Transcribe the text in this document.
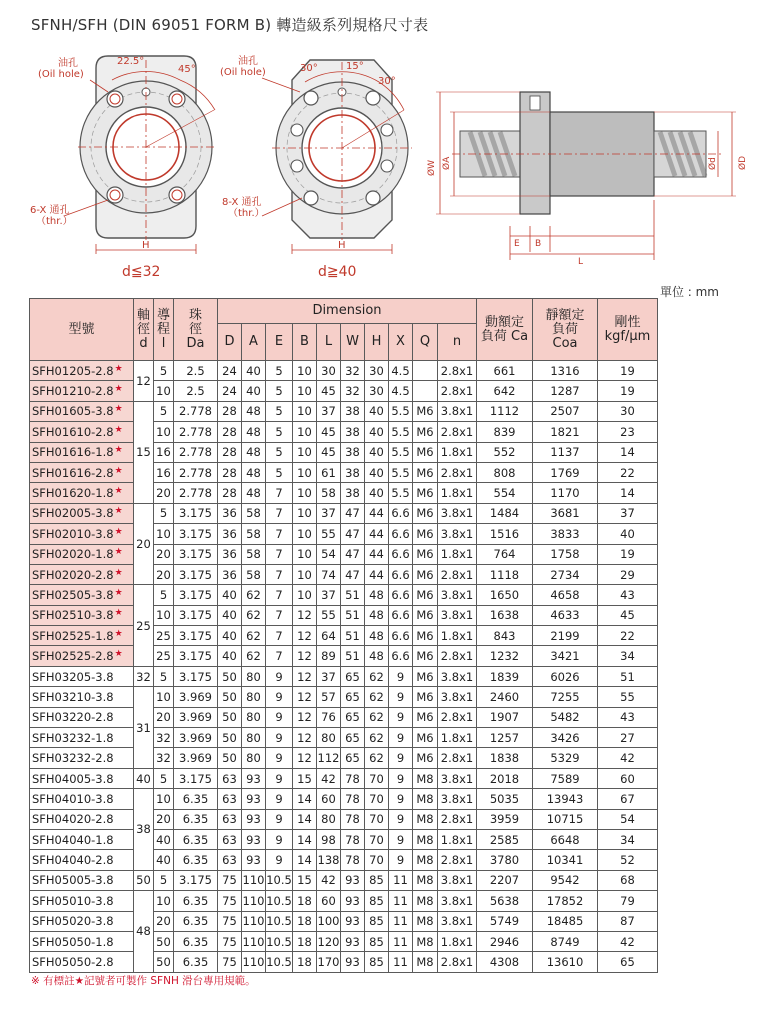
SFNH/SFH (DIN 69051 FORM B) 轉造級系列規格尺寸表
油孔
(Oil hole)
22.5°
45°
6-X 通孔
（thr.）
H
d≦32
油孔
(Oil hole)	30°	15°
30°
8-X 通孔
（thr.）
H
d≧40
ØW ØA	Ød ØD
E B
L
單位 : mm
型號	軸
徑
d	導
程
l	珠
徑
Da	Dimension										動額定
負荷 Ca	靜額定
負荷
Coa	剛性
kgf/μm
				D	A	E	B	L	W	H	X	Q	n			
SFH01205-2.8★	12	5	2.5	24	40	5	10	30	32	30	4.5		2.8x1	661	1316	19
SFH01210-2.8★		10	2.5	24	40	5	10	45	32	30	4.5		2.8x1	642	1287	19
SFH01605-3.8★	15	5	2.778	28	48	5	10	37	38	40	5.5	M6	3.8x1	1112	2507	30
SFH01610-2.8★		10	2.778	28	48	5	10	45	38	40	5.5	M6	2.8x1	839	1821	23
SFH01616-1.8★		16	2.778	28	48	5	10	45	38	40	5.5	M6	1.8x1	552	1137	14
SFH01616-2.8★		16	2.778	28	48	5	10	61	38	40	5.5	M6	2.8x1	808	1769	22
SFH01620-1.8★		20	2.778	28	48	7	10	58	38	40	5.5	M6	1.8x1	554	1170	14
SFH02005-3.8★	20	5	3.175	36	58	7	10	37	47	44	6.6	M6	3.8x1	1484	3681	37
SFH02010-3.8★		10	3.175	36	58	7	10	55	47	44	6.6	M6	3.8x1	1516	3833	40
SFH02020-1.8★		20	3.175	36	58	7	10	54	47	44	6.6	M6	1.8x1	764	1758	19
SFH02020-2.8★		20	3.175	36	58	7	10	74	47	44	6.6	M6	2.8x1	1118	2734	29
SFH02505-3.8★	25	5	3.175	40	62	7	10	37	51	48	6.6	M6	3.8x1	1650	4658	43
SFH02510-3.8★		10	3.175	40	62	7	12	55	51	48	6.6	M6	3.8x1	1638	4633	45
SFH02525-1.8★		25	3.175	40	62	7	12	64	51	48	6.6	M6	1.8x1	843	2199	22
SFH02525-2.8★		25	3.175	40	62	7	12	89	51	48	6.6	M6	2.8x1	1232	3421	34
SFH03205-3.8	32	5	3.175	50	80	9	12	37	65	62	9	M6	3.8x1	1839	6026	51
SFH03210-3.8	31	10	3.969	50	80	9	12	57	65	62	9	M6	3.8x1	2460	7255	55
SFH03220-2.8		20	3.969	50	80	9	12	76	65	62	9	M6	2.8x1	1907	5482	43
SFH03232-1.8		32	3.969	50	80	9	12	80	65	62	9	M6	1.8x1	1257	3426	27
SFH03232-2.8		32	3.969	50	80	9	12	112	65	62	9	M6	2.8x1	1838	5329	42
SFH04005-3.8	40	5	3.175	63	93	9	15	42	78	70	9	M8	3.8x1	2018	7589	60
SFH04010-3.8	38	10	6.35	63	93	9	14	60	78	70	9	M8	3.8x1	5035	13943	67
SFH04020-2.8		20	6.35	63	93	9	14	80	78	70	9	M8	2.8x1	3959	10715	54
SFH04040-1.8		40	6.35	63	93	9	14	98	78	70	9	M8	1.8x1	2585	6648	34
SFH04040-2.8		40	6.35	63	93	9	14	138	78	70	9	M8	2.8x1	3780	10341	52
SFH05005-3.8	50	5	3.175	75	110	10.5	15	42	93	85	11	M8	3.8x1	2207	9542	68
SFH05010-3.8	48	10	6.35	75	110	10.5	18	60	93	85	11	M8	3.8x1	5638	17852	79
SFH05020-3.8		20	6.35	75	110	10.5	18	100	93	85	11	M8	3.8x1	5749	18485	87
SFH05050-1.8		50	6.35	75	110	10.5	18	120	93	85	11	M8	1.8x1	2946	8749	42
SFH05050-2.8		50	6.35	75	110	10.5	18	170	93	85	11	M8	2.8x1	4308	13610	65
※ 有標註★記號者可製作 SFNH 滑台專用規範。
